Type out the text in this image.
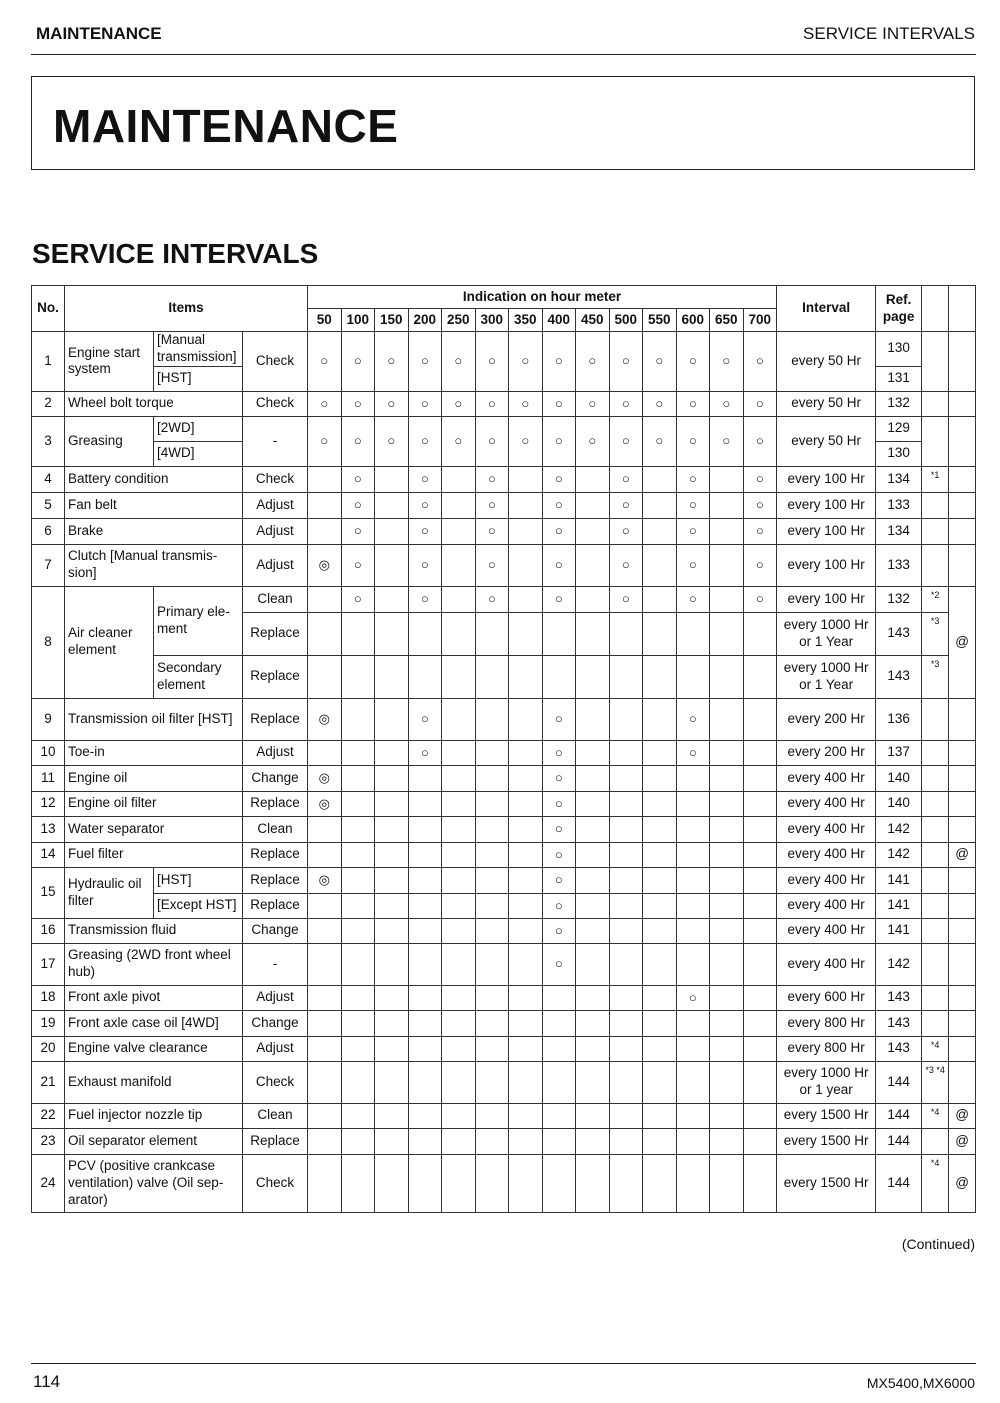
MAINTENANCE	SERVICE INTERVALS
MAINTENANCE
SERVICE INTERVALS
No.	Items			Indication on hour meter														Interval	Ref. page		
				50	100	150	200	250	300	350	400	450	500	550	600	650	700				
1	Engine start system	[Manual transmission]	Check	○	○	○	○	○	○	○	○	○	○	○	○	○	○	every 50 Hr	130		
		[HST]																	131		
2	Wheel bolt torque		Check	○	○	○	○	○	○	○	○	○	○	○	○	○	○	every 50 Hr	132		
3	Greasing	[2WD]	-	○	○	○	○	○	○	○	○	○	○	○	○	○	○	every 50 Hr	129		
		[4WD]																	130		
4	Battery condition		Check		○		○		○		○		○		○		○	every 100 Hr	134	*1	
5	Fan belt		Adjust		○		○		○		○		○		○		○	every 100 Hr	133		
6	Brake		Adjust		○		○		○		○		○		○		○	every 100 Hr	134		
7	Clutch [Manual transmis- sion]		Adjust	◎	○		○		○		○		○		○		○	every 100 Hr	133		
8	Air cleaner element	Primary ele- ment	Clean		○		○		○		○		○		○		○	every 100 Hr	132	*2	@
			Replace															every 1000 Hr or 1 Year	143	*3	
		Secondary element	Replace															every 1000 Hr or 1 Year	143	*3	
9	Transmission oil filter [HST]		Replace	◎			○				○				○			every 200 Hr	136		
10	Toe-in		Adjust				○				○				○			every 200 Hr	137		
11	Engine oil		Change	◎							○							every 400 Hr	140		
12	Engine oil filter		Replace	◎							○							every 400 Hr	140		
13	Water separator		Clean								○							every 400 Hr	142		
14	Fuel filter		Replace								○							every 400 Hr	142		@
15	Hydraulic oil filter	[HST]	Replace	◎							○							every 400 Hr	141		
		[Except HST]	Replace								○							every 400 Hr	141		
16	Transmission fluid		Change								○							every 400 Hr	141		
17	Greasing (2WD front wheel hub)		-								○							every 400 Hr	142		
18	Front axle pivot		Adjust												○			every 600 Hr	143		
19	Front axle case oil [4WD]		Change															every 800 Hr	143		
20	Engine valve clearance		Adjust															every 800 Hr	143	*4	
21	Exhaust manifold		Check															every 1000 Hr or 1 year	144	*3 *4	
22	Fuel injector nozzle tip		Clean															every 1500 Hr	144	*4	@
23	Oil separator element		Replace															every 1500 Hr	144		@
24	PCV (positive crankcase ventilation) valve (Oil sep- arator)		Check															every 1500 Hr	144	*4	@
(Continued)
114	MX5400,MX6000
